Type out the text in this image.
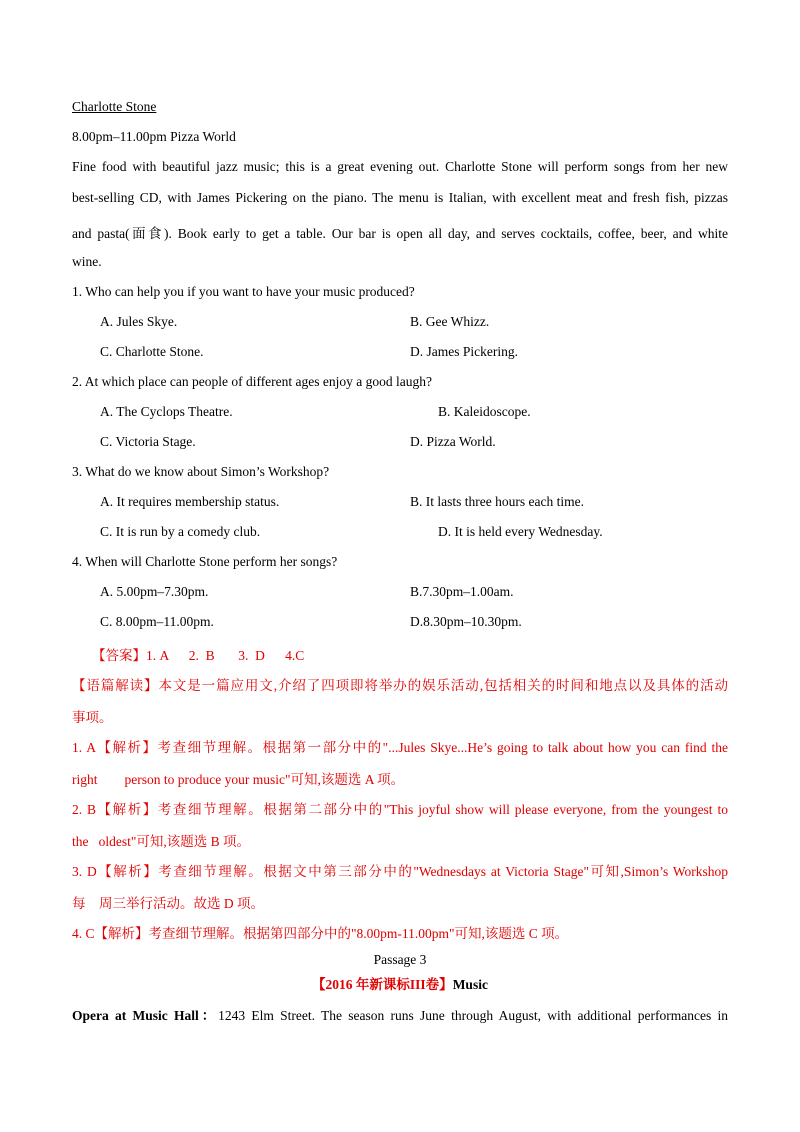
Charlotte Stone
8.00pm–11.00pm Pizza World
Fine food with beautiful jazz music; this is a great evening out. Charlotte Stone will perform songs from her new
best-selling CD, with James Pickering on the piano. The menu is Italian, with excellent meat and fresh fish, pizzas
and pasta(面食). Book early to get a table. Our bar is open all day, and serves cocktails, coffee, beer, and white
wine.
1. Who can help you if you want to have your music produced?
A. Jules Skye.	B. Gee Whizz.
C. Charlotte Stone.	D. James Pickering.
2. At which place can people of different ages enjoy a good laugh?
A. The Cyclops Theatre.	B. Kaleidoscope.
C. Victoria Stage.	D. Pizza World.
3. What do we know about Simon’s Workshop?
A. It requires membership status.	B. It lasts three hours each time.
C. It is run by a comedy club.	D. It is held every Wednesday.
4. When will Charlotte Stone perform her songs?
A. 5.00pm–7.30pm.	B.7.30pm–1.00am.
C. 8.00pm–11.00pm.	D.8.30pm–10.30pm.
【答案】1. A      2.  B       3.  D      4.C
【语篇解读】本文是一篇应用文,介绍了四项即将举办的娱乐活动,包括相关的时间和地点以及具体的活动
事项。
1. A【解析】考查细节理解。根据第一部分中的"...Jules Skye...He’s going to talk about how you can find the
right        person to produce your music"可知,该题选 A 项。
2. B【解析】考查细节理解。根据第二部分中的"This joyful show will please everyone, from the youngest to
the   oldest"可知,该题选 B 项。
3. D【解析】考查细节理解。根据文中第三部分中的"Wednesdays at Victoria Stage"可知,Simon’s Workshop
每    周三举行活动。故选 D 项。
4. C【解析】考查细节理解。根据第四部分中的"8.00pm-11.00pm"可知,该题选 C 项。
Passage 3
【2016 年新课标III卷】Music
Opera at Music Hall：1243 Elm Street. The season runs June through August, with additional performances in
